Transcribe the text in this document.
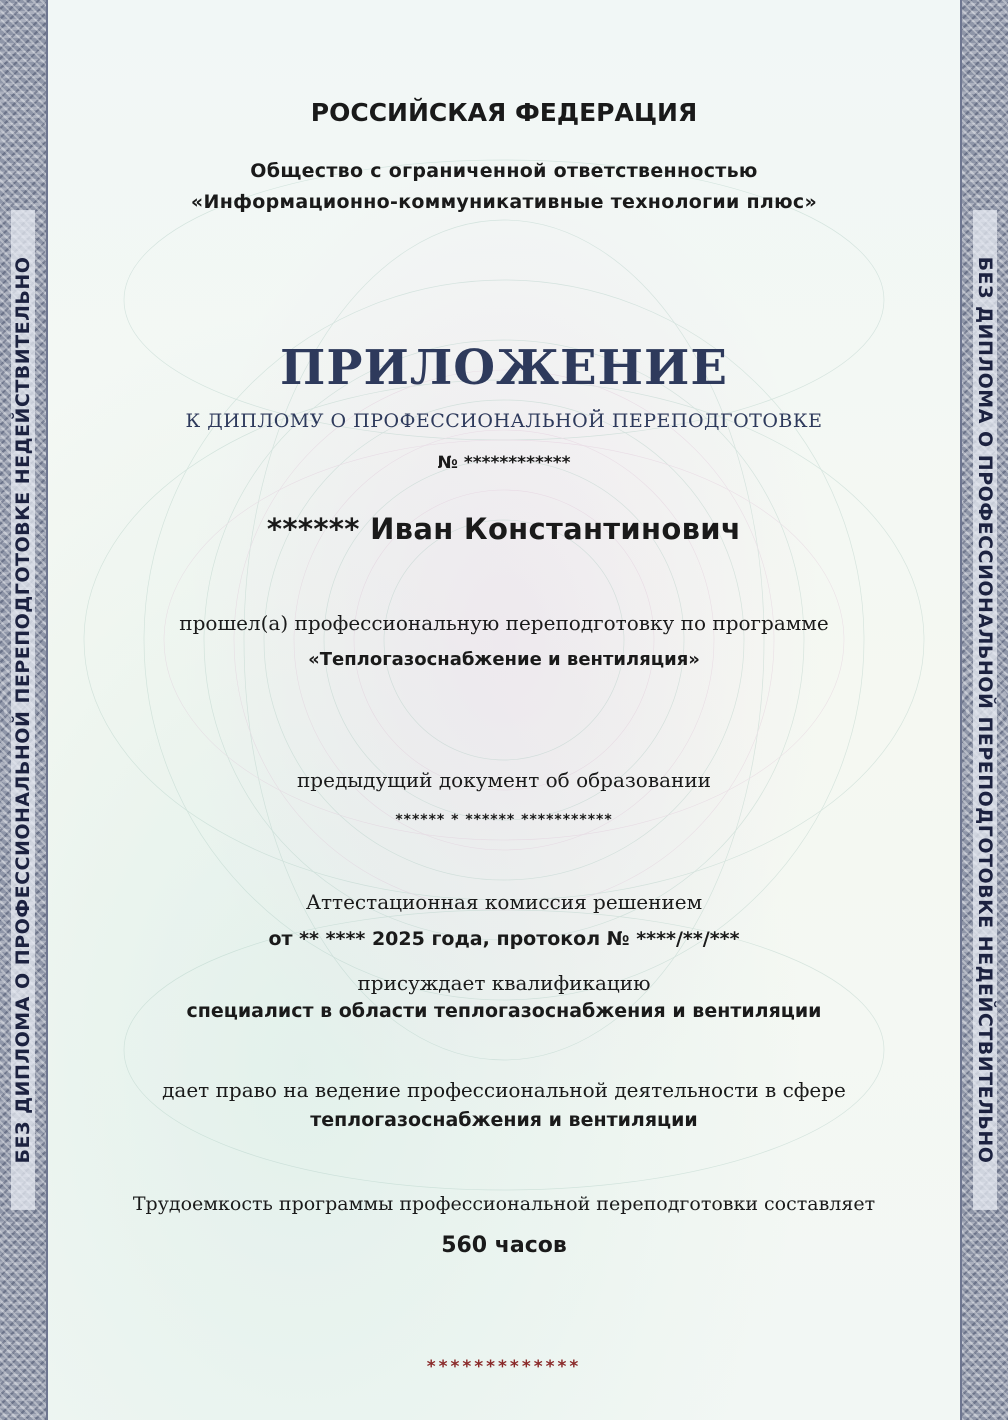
БЕЗ ДИПЛОМА О ПРОФЕССИОНАЛЬНОЙ ПЕРЕПОДГОТОВКЕ НЕДЕЙСТВИТЕЛЬНО	БЕЗ ДИПЛОМА О ПРОФЕССИОНАЛЬНОЙ ПЕРЕПОДГОТОВКЕ НЕДЕЙСТВИТЕЛЬНО
РОССИЙСКАЯ ФЕДЕРАЦИЯ
Общество с ограниченной ответственностью
«Информационно-коммуникативные технологии плюс»
ПРИЛОЖЕНИЕ
К ДИПЛОМУ О ПРОФЕССИОНАЛЬНОЙ ПЕРЕПОДГОТОВКЕ
№ ************
****** Иван Константинович
прошел(а) профессиональную переподготовку по программе
«Теплогазоснабжение и вентиляция»
предыдущий документ об образовании
****** * ****** ***********
Аттестационная комиссия решением
от ** **** 2025 года, протокол № ****/**/***
присуждает квалификацию
специалист в области теплогазоснабжения и вентиляции
дает право на ведение профессиональной деятельности в сфере
теплогазоснабжения и вентиляции
Трудоемкость программы профессиональной переподготовки составляет
560 часов
*************
